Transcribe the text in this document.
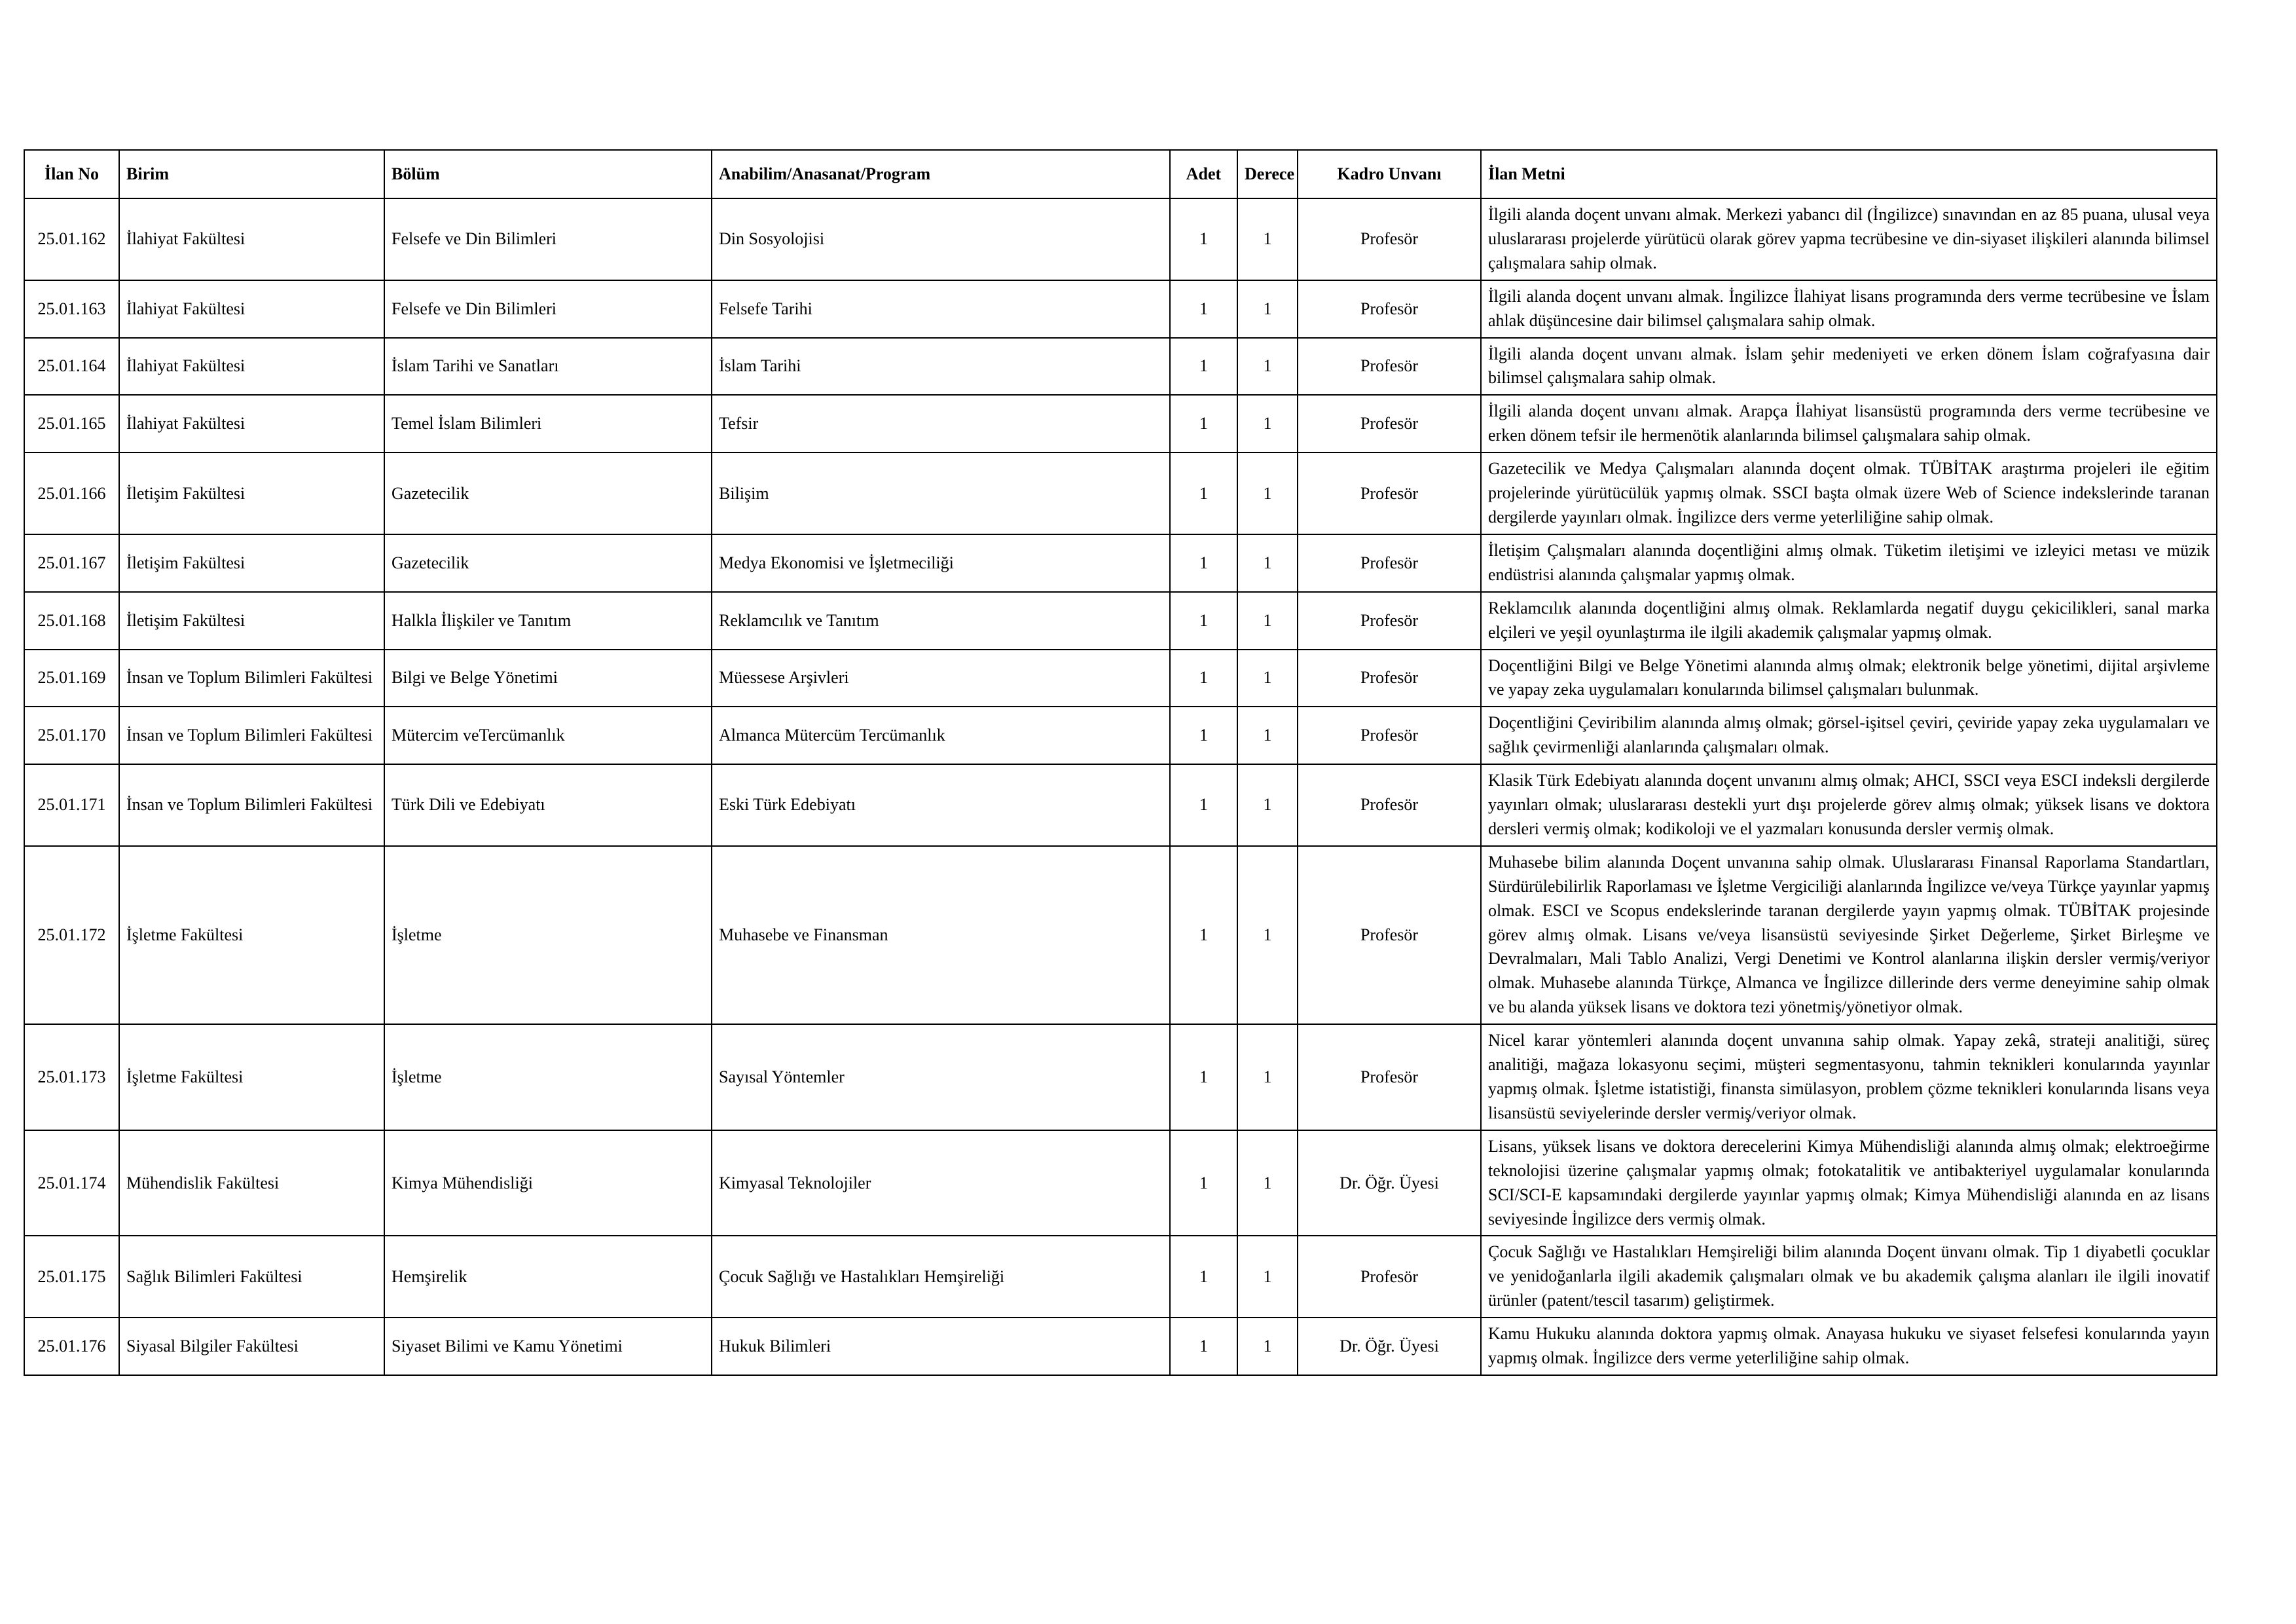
İlan No	Birim	Bölüm	Anabilim/Anasanat/Program	Adet	Derece	Kadro Unvanı	İlan Metni
25.01.162	İlahiyat Fakültesi	Felsefe ve Din Bilimleri	Din Sosyolojisi	1	1	Profesör	İlgili alanda doçent unvanı almak. Merkezi yabancı dil (İngilizce) sınavından en az 85 puana, ulusal veya uluslararası projelerde yürütücü olarak görev yapma tecrübesine ve din-siyaset ilişkileri alanında bilimsel çalışmalara sahip olmak.
25.01.163	İlahiyat Fakültesi	Felsefe ve Din Bilimleri	Felsefe Tarihi	1	1	Profesör	İlgili alanda doçent unvanı almak. İngilizce İlahiyat lisans programında ders verme tecrübesine ve İslam ahlak düşüncesine dair bilimsel çalışmalara sahip olmak.
25.01.164	İlahiyat Fakültesi	İslam Tarihi ve Sanatları	İslam Tarihi	1	1	Profesör	İlgili alanda doçent unvanı almak. İslam şehir medeniyeti ve erken dönem İslam coğrafyasına dair bilimsel çalışmalara sahip olmak.
25.01.165	İlahiyat Fakültesi	Temel İslam Bilimleri	Tefsir	1	1	Profesör	İlgili alanda doçent unvanı almak. Arapça İlahiyat lisansüstü programında ders verme tecrübesine ve erken dönem tefsir ile hermenötik alanlarında bilimsel çalışmalara sahip olmak.
25.01.166	İletişim Fakültesi	Gazetecilik	Bilişim	1	1	Profesör	Gazetecilik ve Medya Çalışmaları alanında doçent olmak. TÜBİTAK araştırma projeleri ile eğitim projelerinde yürütücülük yapmış olmak. SSCI başta olmak üzere Web of Science indekslerinde taranan dergilerde yayınları olmak. İngilizce ders verme yeterliliğine sahip olmak.
25.01.167	İletişim Fakültesi	Gazetecilik	Medya Ekonomisi ve İşletmeciliği	1	1	Profesör	İletişim Çalışmaları alanında doçentliğini almış olmak. Tüketim iletişimi ve izleyici metası ve müzik endüstrisi alanında çalışmalar yapmış olmak.
25.01.168	İletişim Fakültesi	Halkla İlişkiler ve Tanıtım	Reklamcılık ve Tanıtım	1	1	Profesör	Reklamcılık alanında doçentliğini almış olmak. Reklamlarda negatif duygu çekicilikleri, sanal marka elçileri ve yeşil oyunlaştırma ile ilgili akademik çalışmalar yapmış olmak.
25.01.169	İnsan ve Toplum Bilimleri Fakültesi	Bilgi ve Belge Yönetimi	Müessese Arşivleri	1	1	Profesör	Doçentliğini Bilgi ve Belge Yönetimi alanında almış olmak; elektronik belge yönetimi, dijital arşivleme ve yapay zeka uygulamaları konularında bilimsel çalışmaları bulunmak.
25.01.170	İnsan ve Toplum Bilimleri Fakültesi	Mütercim veTercümanlık	Almanca Mütercüm Tercümanlık	1	1	Profesör	Doçentliğini Çeviribilim alanında almış olmak; görsel-işitsel çeviri, çeviride yapay zeka uygulamaları ve sağlık çevirmenliği alanlarında çalışmaları olmak.
25.01.171	İnsan ve Toplum Bilimleri Fakültesi	Türk Dili ve Edebiyatı	Eski Türk Edebiyatı	1	1	Profesör	Klasik Türk Edebiyatı alanında doçent unvanını almış olmak; AHCI, SSCI veya ESCI indeksli dergilerde yayınları olmak; uluslararası destekli yurt dışı projelerde görev almış olmak; yüksek lisans ve doktora dersleri vermiş olmak; kodikoloji ve el yazmaları konusunda dersler vermiş olmak.
25.01.172	İşletme Fakültesi	İşletme	Muhasebe ve Finansman	1	1	Profesör	Muhasebe bilim alanında Doçent unvanına sahip olmak. Uluslararası Finansal Raporlama Standartları, Sürdürülebilirlik Raporlaması ve İşletme Vergiciliği alanlarında İngilizce ve/veya Türkçe yayınlar yapmış olmak. ESCI ve Scopus endekslerinde taranan dergilerde yayın yapmış olmak. TÜBİTAK projesinde görev almış olmak. Lisans ve/veya lisansüstü seviyesinde Şirket Değerleme, Şirket Birleşme ve Devralmaları, Mali Tablo Analizi, Vergi Denetimi ve Kontrol alanlarına ilişkin dersler vermiş/veriyor olmak. Muhasebe alanında Türkçe, Almanca ve İngilizce dillerinde ders verme deneyimine sahip olmak ve bu alanda yüksek lisans ve doktora tezi yönetmiş/yönetiyor olmak.
25.01.173	İşletme Fakültesi	İşletme	Sayısal Yöntemler	1	1	Profesör	Nicel karar yöntemleri alanında doçent unvanına sahip olmak. Yapay zekâ, strateji analitiği, süreç analitiği, mağaza lokasyonu seçimi, müşteri segmentasyonu, tahmin teknikleri konularında yayınlar yapmış olmak. İşletme istatistiği, finansta simülasyon, problem çözme teknikleri konularında lisans veya lisansüstü seviyelerinde dersler vermiş/veriyor olmak.
25.01.174	Mühendislik Fakültesi	Kimya Mühendisliği	Kimyasal Teknolojiler	1	1	Dr. Öğr. Üyesi	Lisans, yüksek lisans ve doktora derecelerini Kimya Mühendisliği alanında almış olmak; elektroeğirme teknolojisi üzerine çalışmalar yapmış olmak; fotokatalitik ve antibakteriyel uygulamalar konularında SCI/SCI-E kapsamındaki dergilerde yayınlar yapmış olmak; Kimya Mühendisliği alanında en az lisans seviyesinde İngilizce ders vermiş olmak.
25.01.175	Sağlık Bilimleri Fakültesi	Hemşirelik	Çocuk Sağlığı ve Hastalıkları Hemşireliği	1	1	Profesör	Çocuk Sağlığı ve Hastalıkları Hemşireliği bilim alanında Doçent ünvanı olmak. Tip 1 diyabetli çocuklar ve yenidoğanlarla ilgili akademik çalışmaları olmak ve bu akademik çalışma alanları ile ilgili inovatif ürünler (patent/tescil tasarım) geliştirmek.
25.01.176	Siyasal Bilgiler Fakültesi	Siyaset Bilimi ve Kamu Yönetimi	Hukuk Bilimleri	1	1	Dr. Öğr. Üyesi	Kamu Hukuku alanında doktora yapmış olmak. Anayasa hukuku ve siyaset felsefesi konularında yayın yapmış olmak. İngilizce ders verme yeterliliğine sahip olmak.
